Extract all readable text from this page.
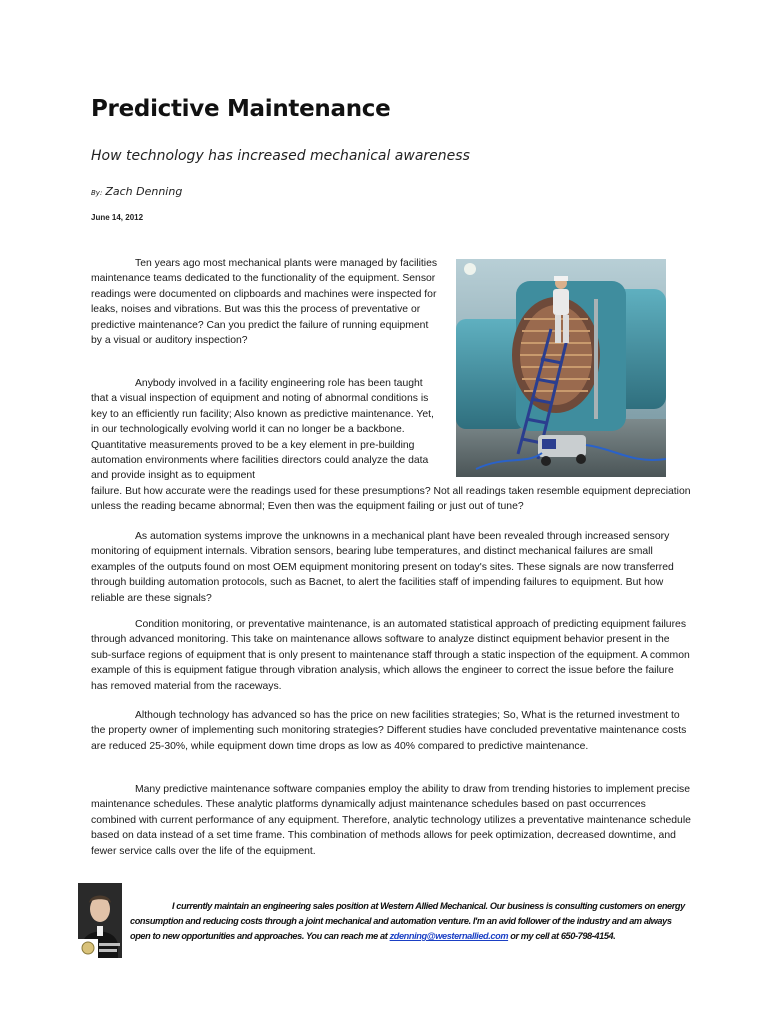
Predictive Maintenance
How technology has increased mechanical awareness
By: Zach Denning
June 14, 2012

Ten years ago most mechanical plants were managed by facilities maintenance teams dedicated to the functionality of the equipment. Sensor readings were documented on clipboards and machines were inspected for leaks, noises and vibrations. But was this the process of preventative or predictive maintenance? Can you predict the failure of running equipment by a visual or auditory inspection?

Anybody involved in a facility engineering role has been taught that a visual inspection of equipment and noting of abnormal conditions is key to an efficiently run facility; Also known as predictive maintenance. Yet, in our technologically evolving world it can no longer be a backbone. Quantitative measurements proved to be a key element in pre-building automation environments where facilities directors could analyze the data and provide insight as to equipment

failure. But how accurate were the readings used for these presumptions? Not all readings taken resemble equipment depreciation unless the reading became abnormal; Even then was the equipment failing or just out of tune?

As automation systems improve the unknowns in a mechanical plant have been revealed through increased sensory monitoring of equipment internals. Vibration sensors, bearing lube temperatures, and distinct mechanical failures are small examples of the outputs found on most OEM equipment monitoring present on today's sites. These signals are now transferred through building automation protocols, such as Bacnet, to alert the facilities staff of impending failures to equipment. But how reliable are these signals?

Condition monitoring, or preventative maintenance, is an automated statistical approach of predicting equipment failures through advanced monitoring. This take on maintenance allows software to analyze distinct equipment behavior present in the sub-surface regions of equipment that is only present to maintenance staff through a static inspection of the equipment. A common example of this is equipment fatigue through vibration analysis, which allows the engineer to correct the issue before the failure has removed material from the raceways.

Although technology has advanced so has the price on new facilities strategies; So, What is the returned investment to the property owner of implementing such monitoring strategies? Different studies have concluded preventative maintenance costs are reduced 25-30%, while equipment down time drops as low as 40% compared to predictive maintenance.

Many predictive maintenance software companies employ the ability to draw from trending histories to implement precise maintenance schedules. These analytic platforms dynamically adjust maintenance schedules based on past occurrences combined with current performance of any equipment. Therefore, analytic technology utilizes a preventative maintenance schedule based on data instead of a set time frame. This combination of methods allows for peek optimization, decreased downtime, and fewer service calls over the life of the equipment.

I currently maintain an engineering sales position at Western Allied Mechanical. Our business is consulting customers on energy consumption and reducing costs through a joint mechanical and automation venture. I'm an avid follower of the industry and am always open to new opportunities and approaches. You can reach me at zdenning@westernallied.com or my cell at 650-798-4154.
